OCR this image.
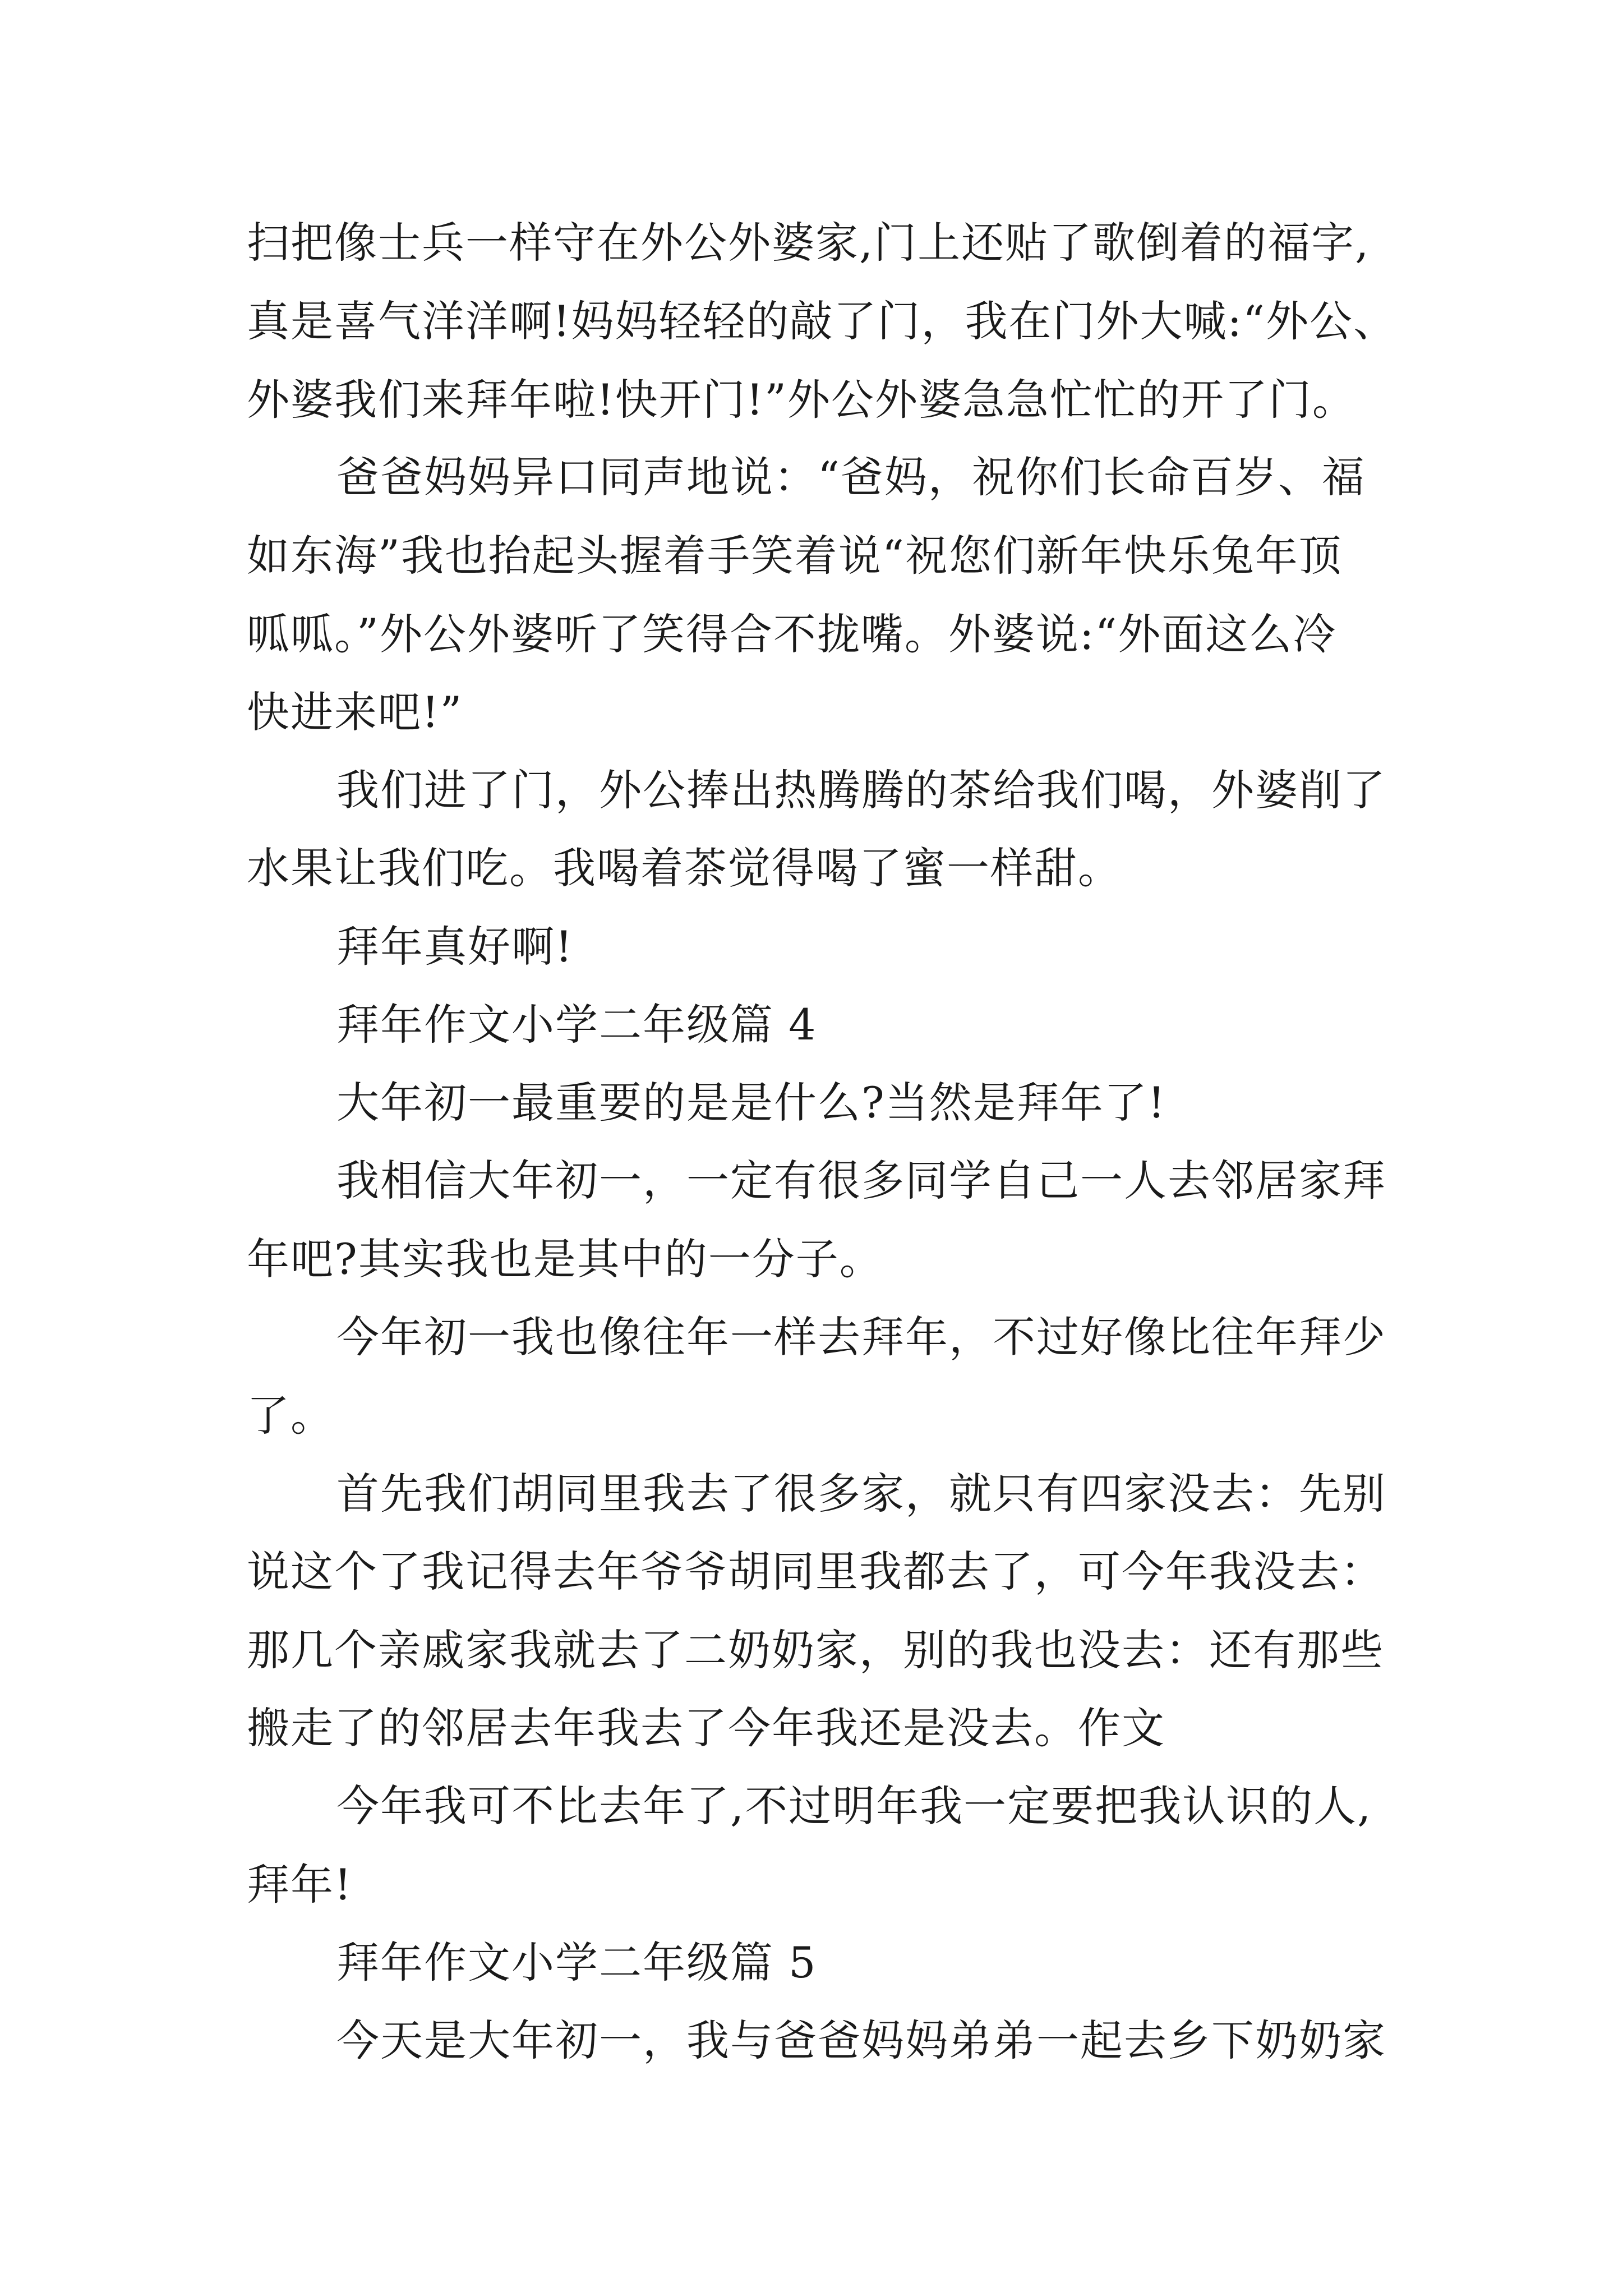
扫把像士兵一样守在外公外婆家,门上还贴了歌倒着的福字,
真是喜气洋洋啊!妈妈轻轻的敲了门，我在门外大喊:“外公、
外婆我们来拜年啦!快开门!”外公外婆急急忙忙的开了门。
爸爸妈妈异口同声地说：“爸妈，祝你们长命百岁、福
如东海”我也抬起头握着手笑着说“祝您们新年快乐兔年顶
呱呱。”外公外婆听了笑得合不拢嘴。外婆说:“外面这么冷
快进来吧!”
我们进了门，外公捧出热腾腾的茶给我们喝，外婆削了
水果让我们吃。我喝着茶觉得喝了蜜一样甜。
拜年真好啊!
拜年作文小学二年级篇 4
大年初一最重要的是是什么?当然是拜年了!
我相信大年初一，一定有很多同学自己一人去邻居家拜
年吧?其实我也是其中的一分子。
今年初一我也像往年一样去拜年，不过好像比往年拜少
了。
首先我们胡同里我去了很多家，就只有四家没去：先别
说这个了我记得去年爷爷胡同里我都去了，可今年我没去：
那几个亲戚家我就去了二奶奶家，别的我也没去：还有那些
搬走了的邻居去年我去了今年我还是没去。作文
今年我可不比去年了,不过明年我一定要把我认识的人,
拜年!
拜年作文小学二年级篇 5
今天是大年初一，我与爸爸妈妈弟弟一起去乡下奶奶家
